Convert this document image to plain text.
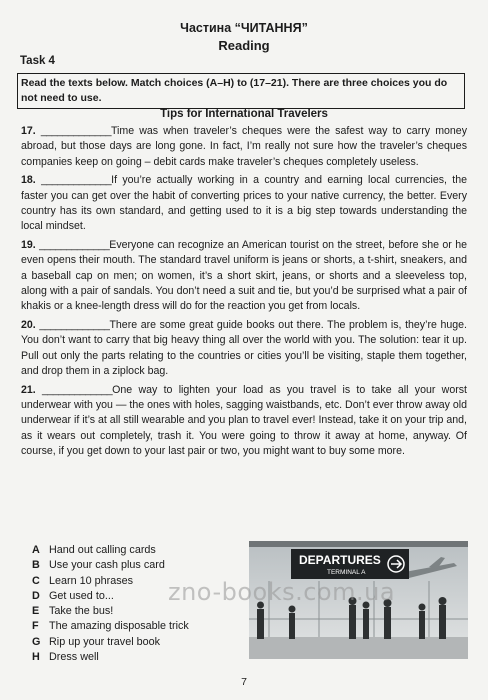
Частина “ЧИТАННЯ”
Reading
Task 4
Read the texts below. Match choices (A–H) to (17–21). There are three choices you do not need to use.
Tips for International Travelers

17. _____________Time was when traveler’s cheques were the safest way to carry money abroad, but those days are long gone. In fact, I’m really not sure how the traveler’s cheques companies keep on going – debit cards make traveler’s cheques completely useless.

18. _____________If you’re actually working in a country and earning local currencies, the faster you can get over the habit of converting prices to your native currency, the better. Every country has its own standard, and getting used to it is a big step towards understanding the local mindset.

19. _____________Everyone can recognize an American tourist on the street, before she or he even opens their mouth. The standard travel uniform is jeans or shorts, a t-shirt, sneakers, and a baseball cap on men; on women, it’s a short skirt, jeans, or shorts and a sleeveless top, along with a pair of sandals. You don’t need a suit and tie, but you’d be surprised what a pair of khakis or a knee-length dress will do for the reaction you get from locals.

20. _____________There are some great guide books out there. The problem is, they’re huge. You don’t want to carry that big heavy thing all over the world with you. The solution: tear it up. Pull out only the parts relating to the countries or cities you’ll be visiting, staple them together, and drop them in a ziplock bag.

21. _____________One way to lighten your load as you travel is to take all your worst underwear with you — the ones with holes, sagging waistbands, etc. Don’t ever throw away old underwear if it’s at all still wearable and you plan to travel ever! Instead, take it on your trip and, as it wears out completely, trash it. You were going to throw it away at home, anyway. Of course, if you get down to your last pair or two, you might want to buy some more.

A Hand out calling cards
B Use your cash plus card
C Learn 10 phrases
D Get used to...
E Take the bus!
F The amazing disposable trick
G Rip up your travel book
H Dress well
DEPARTURES
TERMINAL A
zno-books.com.ua
7
